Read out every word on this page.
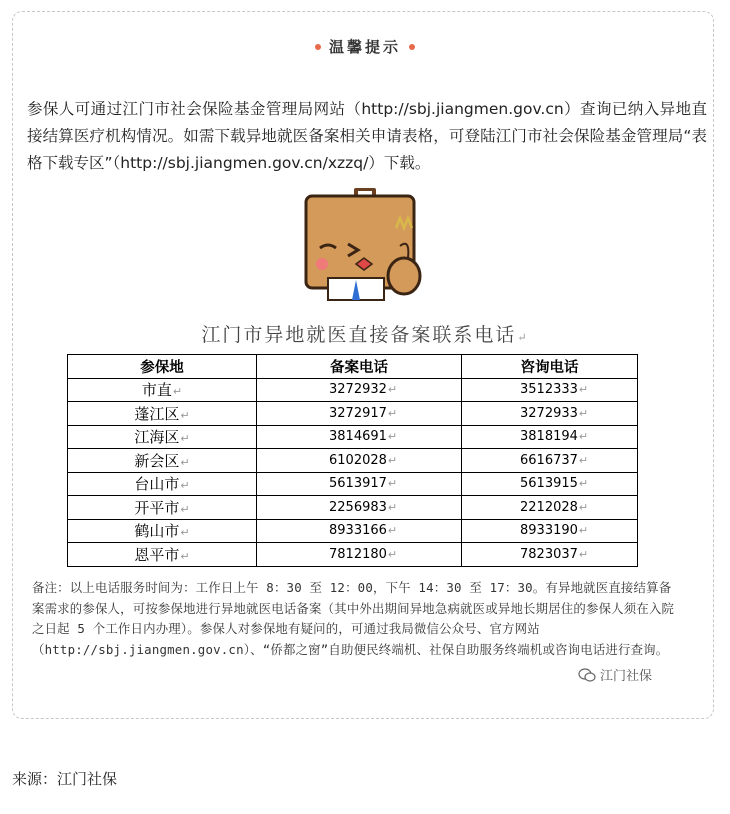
温馨提示
参保人可通过江门市社会保险基金管理局网站（http://sbj.jiangmen.gov.cn）查询已纳入异地直接结算医疗机构情况。如需下载异地就医备案相关申请表格，可登陆江门市社会保险基金管理局“表格下载专区”（http://sbj.jiangmen.gov.cn/xzzq/）下载。
江门市异地就医直接备案联系电话↵
参保地	备案电话	咨询电话
市直↵	3272932↵	3512333↵
蓬江区↵	3272917↵	3272933↵
江海区↵	3814691↵	3818194↵
新会区↵	6102028↵	6616737↵
台山市↵	5613917↵	5613915↵
开平市↵	2256983↵	2212028↵
鹤山市↵	8933166↵	8933190↵
恩平市↵	7812180↵	7823037↵
备注：以上电话服务时间为：工作日上午 8：30 至 12：00，下午 14：30 至 17：30。有异地就医直接结算备案需求的参保人，可按参保地进行异地就医电话备案（其中外出期间异地急病就医或异地长期居住的参保人须在入院之日起 5 个工作日内办理）。参保人对参保地有疑问的，可通过我局微信公众号、官方网站（http://sbj.jiangmen.gov.cn）、“侨都之窗”自助便民终端机、社保自助服务终端机或咨询电话进行查询。
江门社保
来源：江门社保
